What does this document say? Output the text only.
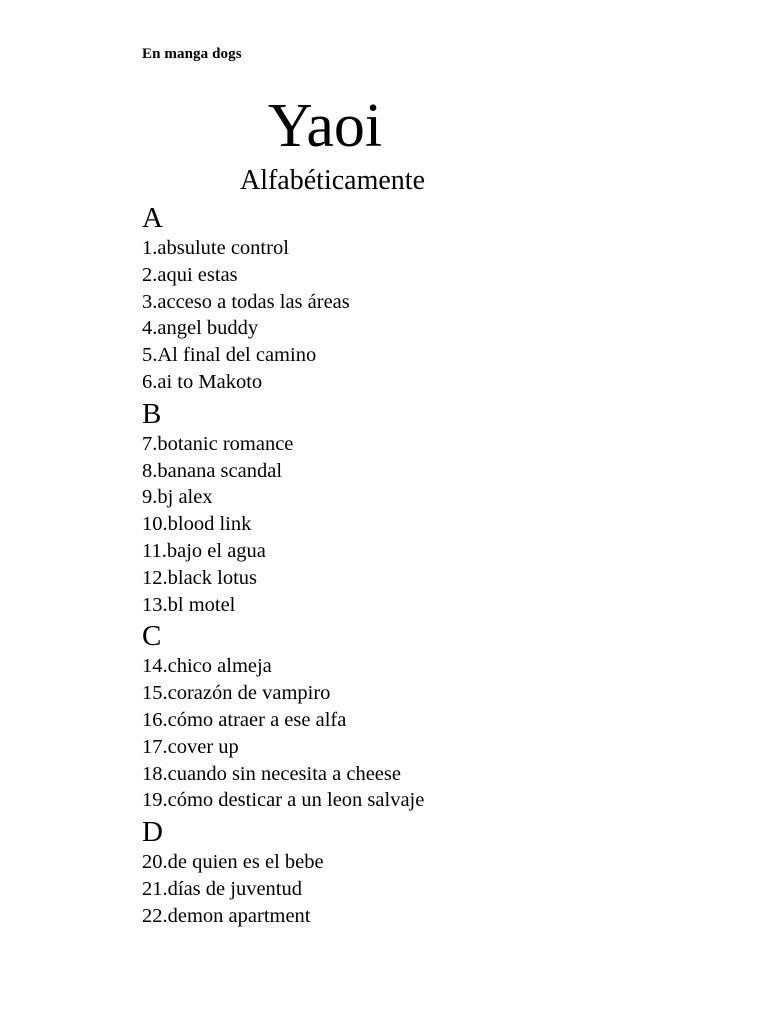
En manga dogs
Yaoi
Alfabéticamente
A
1.absulute control
2.aqui estas
3.acceso a todas las áreas
4.angel buddy
5.Al final del camino
6.ai to Makoto
B
7.botanic romance
8.banana scandal
9.bj alex
10.blood link
11.bajo el agua
12.black lotus
13.bl motel
C
14.chico almeja
15.corazón de vampiro
16.cómo atraer a ese alfa
17.cover up
18.cuando sin necesita a cheese
19.cómo desticar a un leon salvaje
D
20.de quien es el bebe
21.días de juventud
22.demon apartment
